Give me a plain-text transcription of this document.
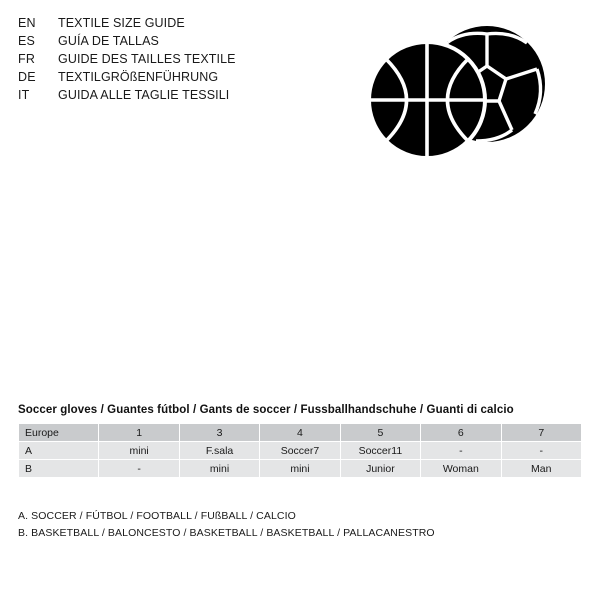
EN	TEXTILE SIZE GUIDE
ES	GUÍA DE TALLAS
FR	GUIDE DES TAILLES TEXTILE
DE	TEXTILGRÖßENFÜHRUNG
IT	GUIDA ALLE TAGLIE TESSILI
Soccer gloves / Guantes fútbol / Gants de soccer / Fussballhandschuhe / Guanti di calcio
Europe	1	3	4	5	6	7
A	mini	F.sala	Soccer7	Soccer11	-	-
B	-	mini	mini	Junior	Woman	Man
A. SOCCER / FÚTBOL / FOOTBALL / FUßBALL / CALCIO
B. BASKETBALL / BALONCESTO / BASKETBALL / BASKETBALL / PALLACANESTRO
